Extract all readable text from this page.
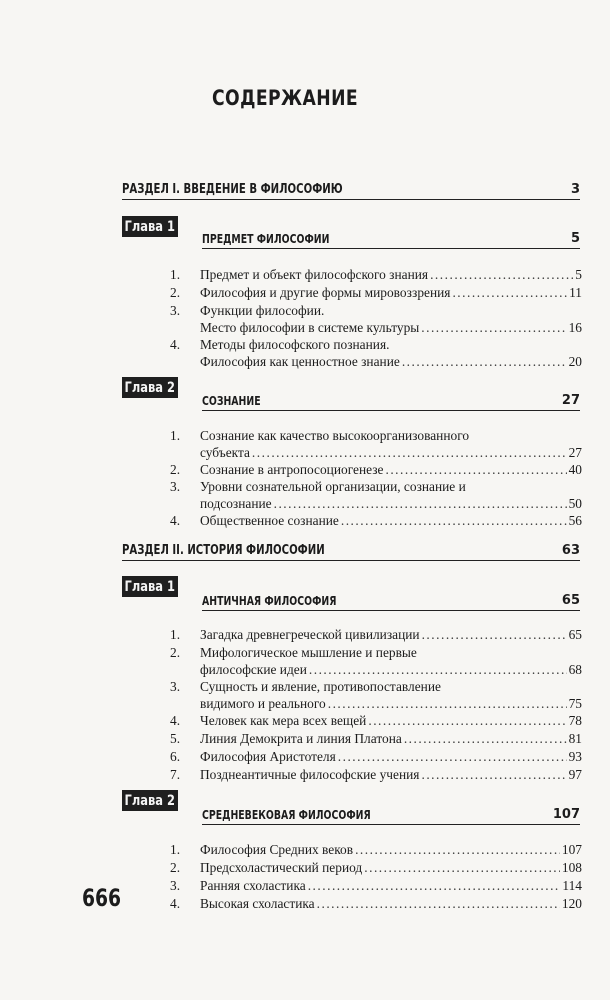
СОДЕРЖАНИЕ
РАЗДЕЛ I. ВВЕДЕНИЕ В ФИЛОСОФИЮ	3
Глава 1
ПРЕДМЕТ ФИЛОСОФИИ	5
1.	Предмет и объект философского знания .....	5
2.	Философия и другие формы мировоззрения .....	11
3.	Функции философии.
Место философии в системе культуры .....	16
4.	Методы философского познания.
Философия как ценностное знание .....	20
Глава 2
СОЗНАНИЕ	27
1.	Сознание как качество высокоорганизованного
субъекта .....	27
2.	Сознание в антропосоциогенезе .....	40
3.	Уровни сознательной организации, сознание и
подсознание .....	50
4.	Общественное сознание .....	56
РАЗДЕЛ II. ИСТОРИЯ ФИЛОСОФИИ	63
Глава 1
АНТИЧНАЯ ФИЛОСОФИЯ	65
1.	Загадка древнегреческой цивилизации .....	65
2.	Мифологическое мышление и первые
философские идеи .....	68
3.	Сущность и явление, противопоставление
видимого и реального .....	75
4.	Человек как мера всех вещей .....	78
5.	Линия Демокрита и линия Платона .....	81
6.	Философия Аристотеля .....	93
7.	Позднеантичные философские учения .....	97
Глава 2
СРЕДНЕВЕКОВАЯ ФИЛОСОФИЯ	107
1.	Философия Средних веков .....	107
2.	Предсхоластический период .....	108
3.	Ранняя схоластика .....	114
4.	Высокая схоластика .....	120
666
